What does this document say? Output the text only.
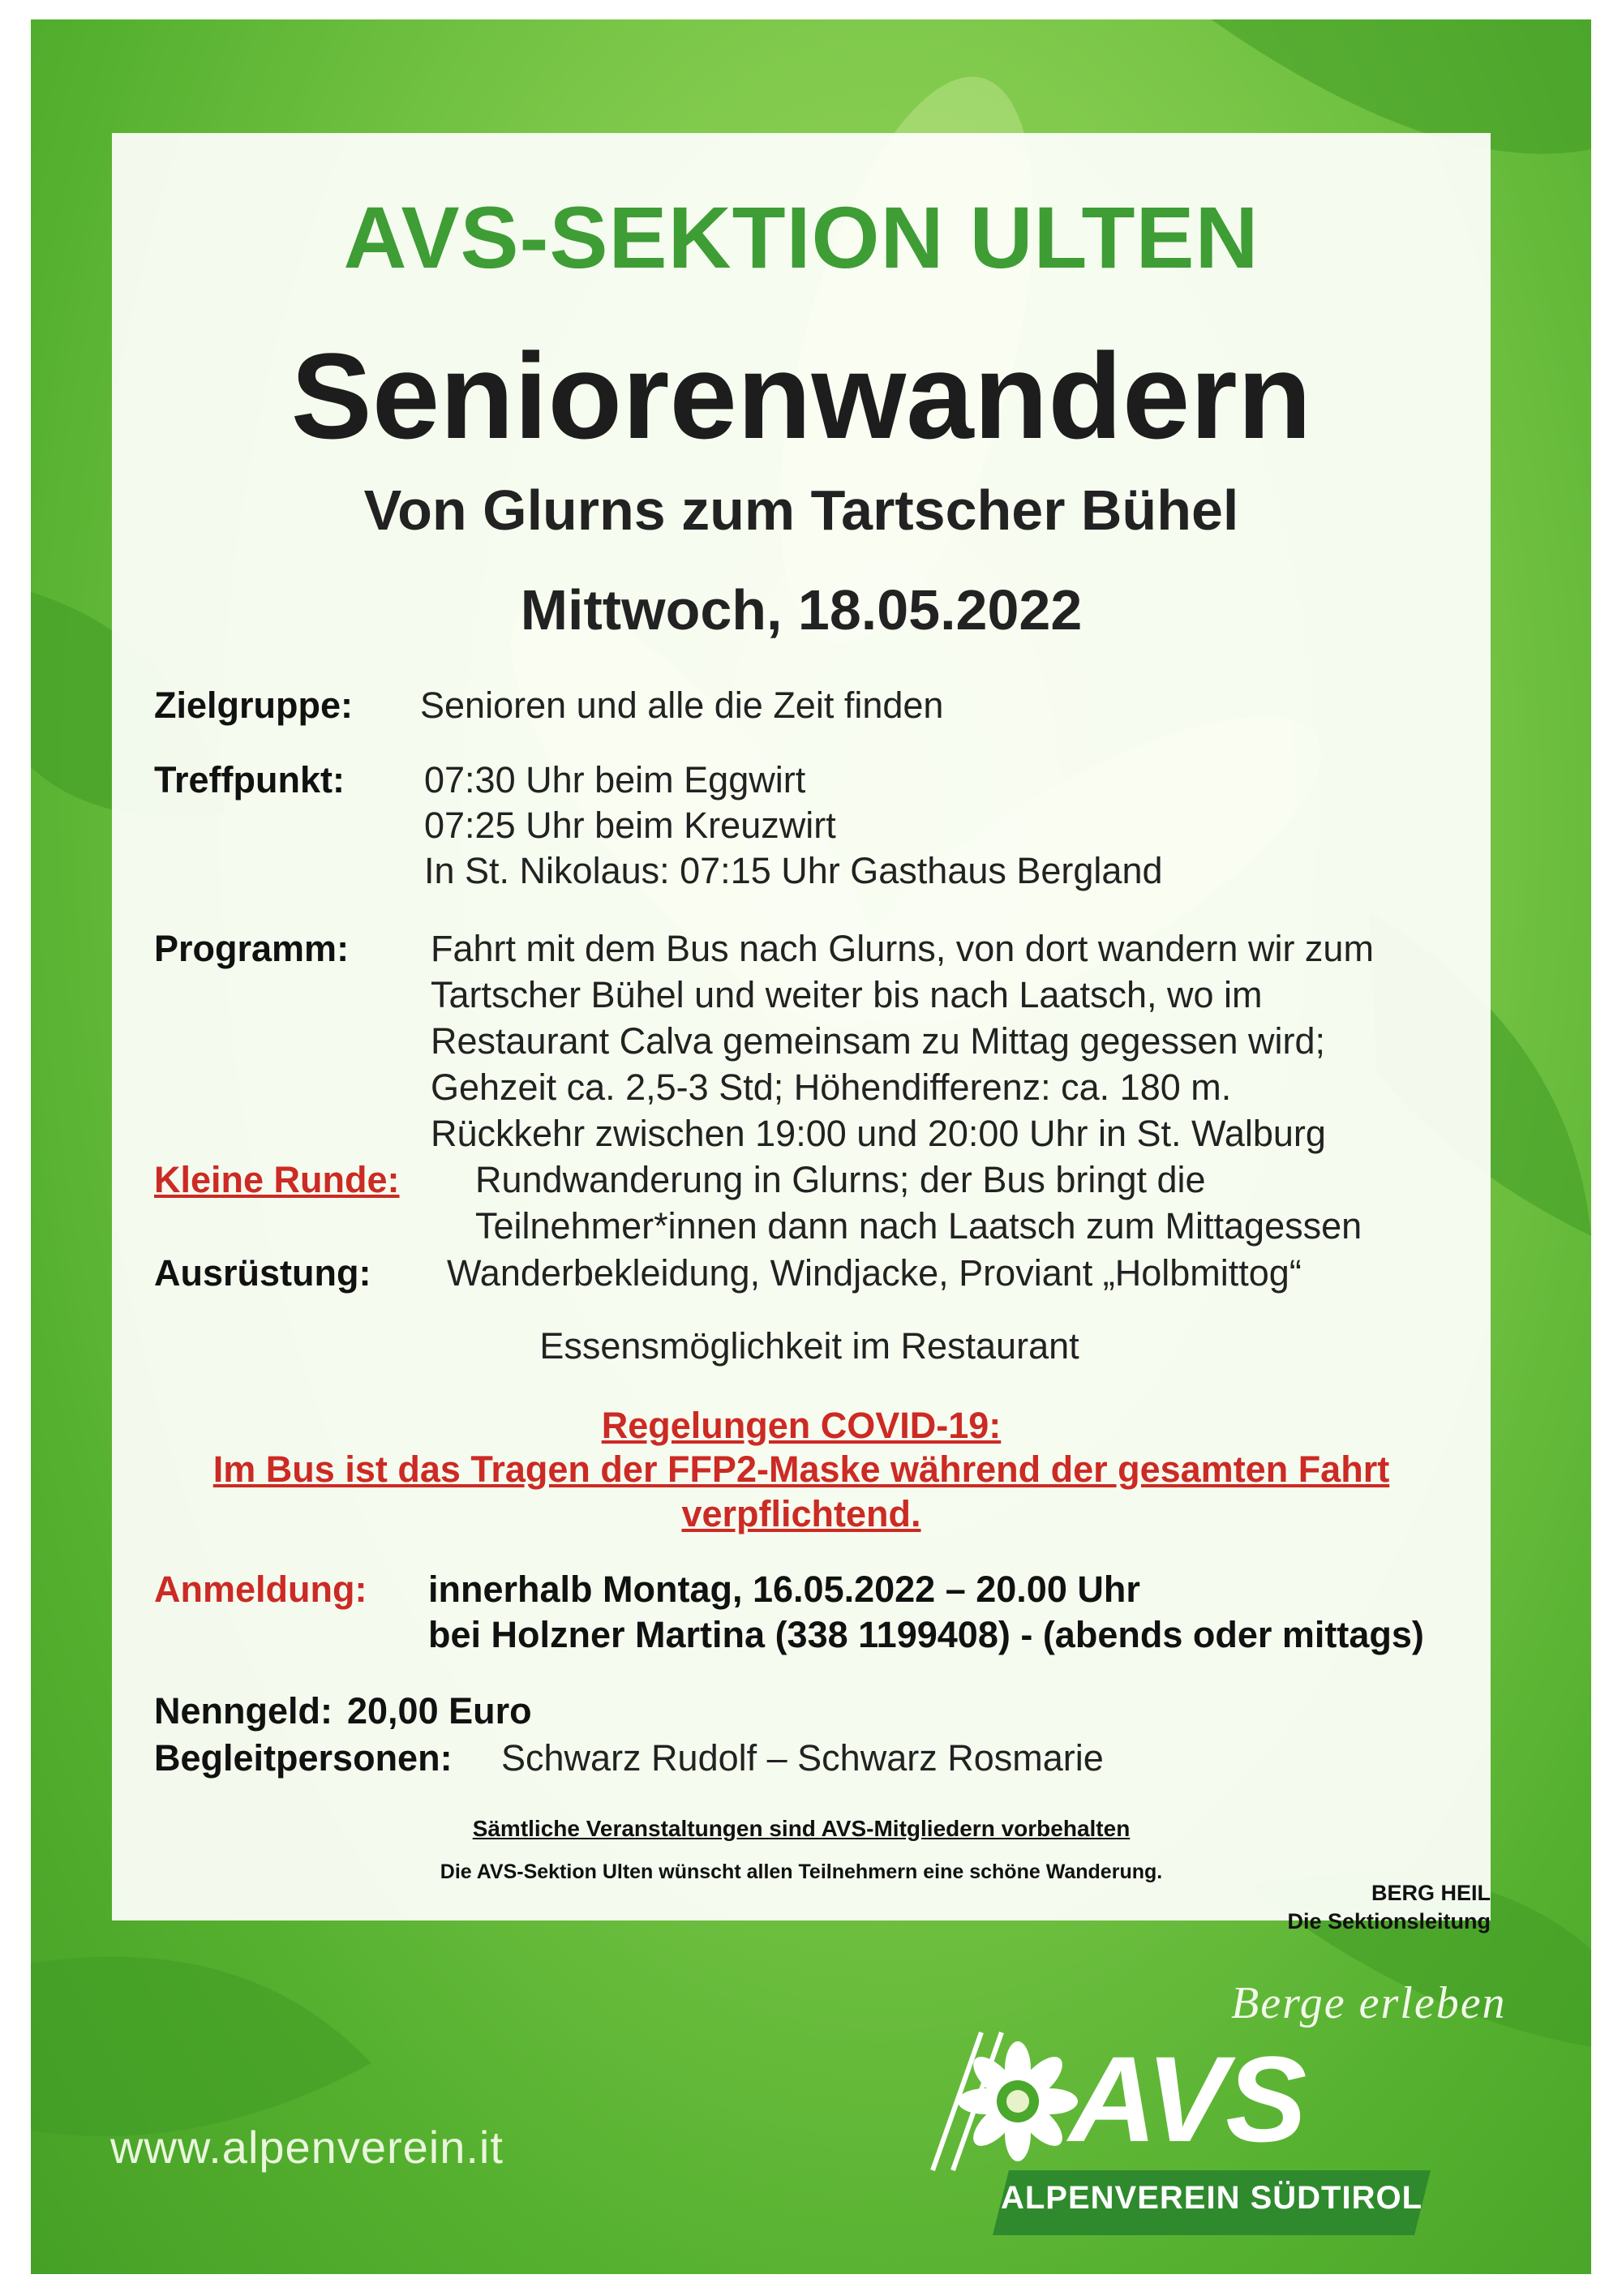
AVS-SEKTION ULTEN
Seniorenwandern
Von Glurns zum Tartscher Bühel
Mittwoch, 18.05.2022
Zielgruppe: Senioren und alle die Zeit finden
Treffpunkt: 07:30 Uhr beim Eggwirt
07:25 Uhr beim Kreuzwirt
In St. Nikolaus: 07:15 Uhr Gasthaus Bergland
Programm: Fahrt mit dem Bus nach Glurns, von dort wandern wir zum
Tartscher Bühel und weiter bis nach Laatsch, wo im
Restaurant Calva gemeinsam zu Mittag gegessen wird;
Gehzeit ca. 2,5-3 Std; Höhendifferenz: ca. 180 m.
Rückkehr zwischen 19:00 und 20:00 Uhr in St. Walburg
Kleine Runde: Rundwanderung in Glurns; der Bus bringt die
Teilnehmer*innen dann nach Laatsch zum Mittagessen
Ausrüstung: Wanderbekleidung, Windjacke, Proviant „Holbmittog“
Essensmöglichkeit im Restaurant
Regelungen COVID-19:
Im Bus ist das Tragen der FFP2-Maske während der gesamten Fahrt
verpflichtend.
Anmeldung: innerhalb Montag, 16.05.2022 – 20.00 Uhr
bei Holzner Martina (338 1199408) - (abends oder mittags)
Nenngeld: 20,00 Euro
Begleitpersonen: Schwarz Rudolf – Schwarz Rosmarie
Sämtliche Veranstaltungen sind AVS-Mitgliedern vorbehalten
Die AVS-Sektion Ulten wünscht allen Teilnehmern eine schöne Wanderung.
BERG HEIL
Die Sektionsleitung
Berge erleben
AVS
ALPENVEREIN SÜDTIROL
www.alpenverein.it
